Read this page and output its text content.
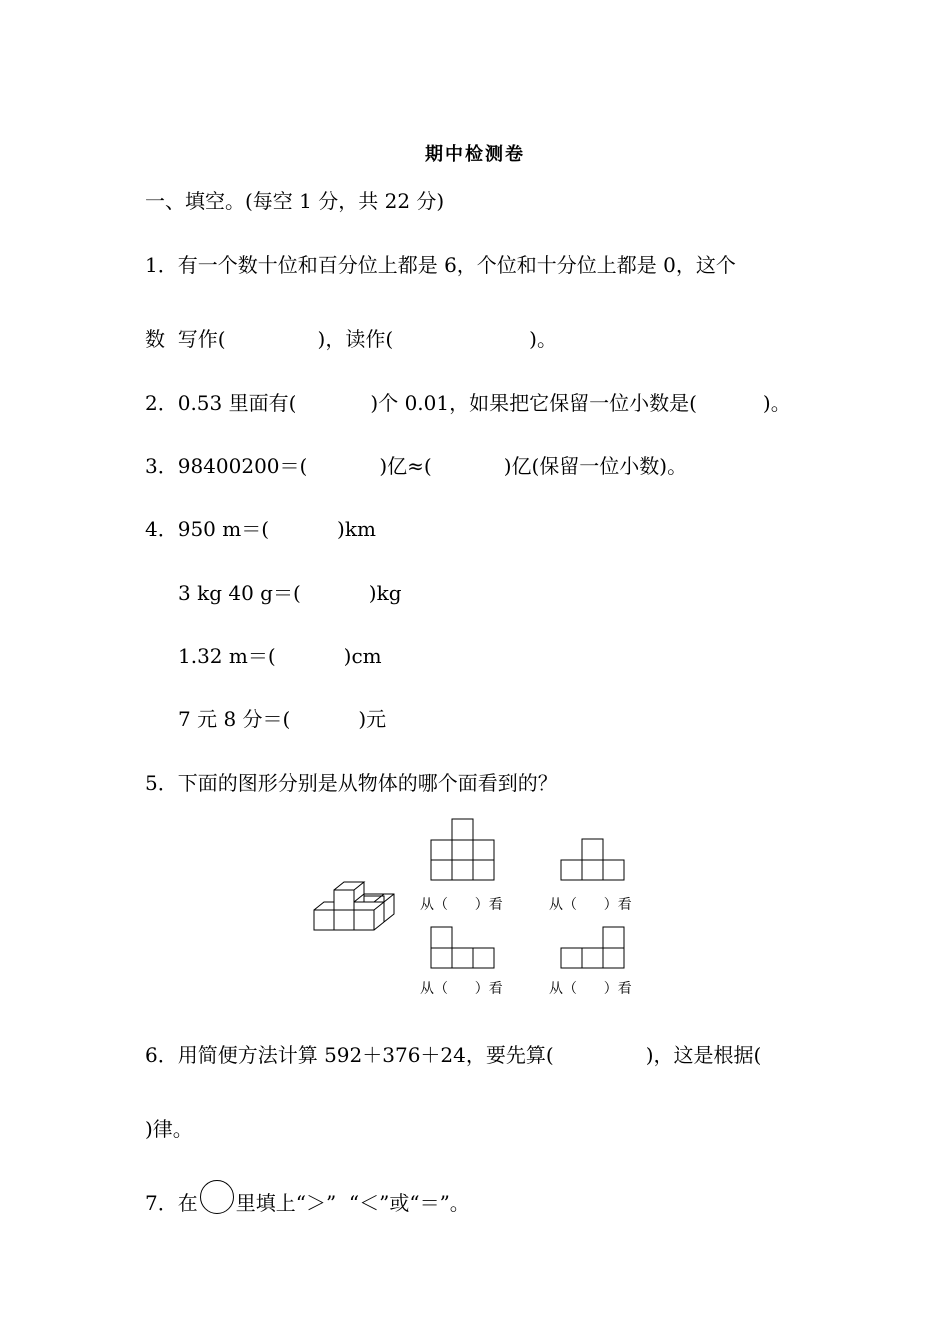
期中检测卷
一、填空。(每空 1 分，共 22 分)
1．有一个数十位和百分位上都是 6，个位和十分位上都是 0，这个
数  写作(	)，读作(	)。
2．0.53 里面有(	)个 0.01，如果把它保留一位小数是(	)。
3．98400200＝(	)亿≈(	)亿(保留一位小数)。
4．950 m＝(	)km
3 kg 40 g＝(	)kg
1.32 m＝(	)cm
7 元 8 分＝(	)元
5．下面的图形分别是从物体的哪个面看到的？
从（      ）看	从（      ）看
从（      ）看	从（      ）看
6．用简便方法计算 592＋376＋24，要先算(	)，这是根据(
)律。
7．在 里填上“＞”  “＜”或“＝”。
